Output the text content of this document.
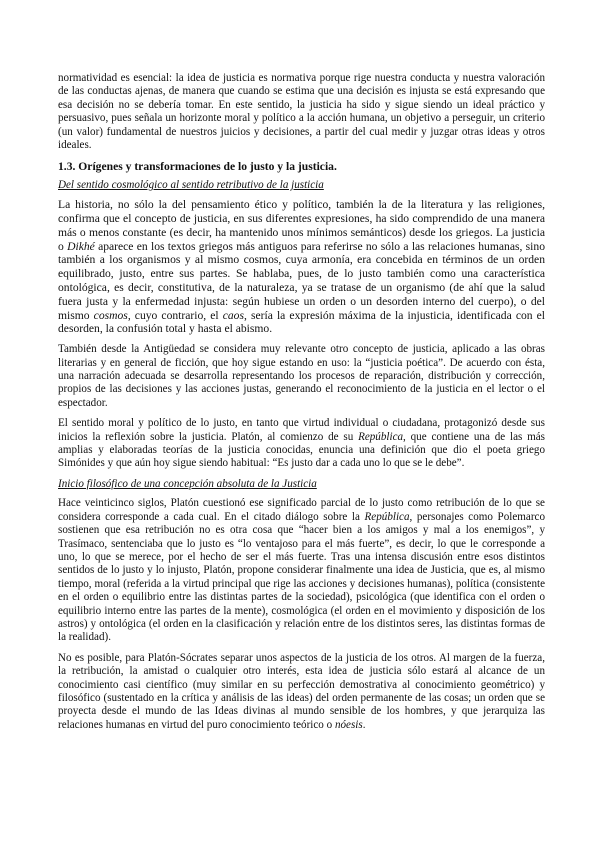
normatividad es esencial: la idea de justicia es normativa porque rige nuestra conducta y nuestra valoración de las conductas ajenas, de manera que cuando se estima que una decisión es injusta se está expresando que esa decisión no se debería tomar. En este sentido, la justicia ha sido y sigue siendo un ideal práctico y persuasivo, pues señala un horizonte moral y político a la acción humana, un objetivo a perseguir, un criterio (un valor) fundamental de nuestros juicios y decisiones, a partir del cual medir y juzgar otras ideas y otros ideales.

1.3. Orígenes y transformaciones de lo justo y la justicia.
Del sentido cosmológico al sentido retributivo de la justicia

La historia, no sólo la del pensamiento ético y político, también la de la literatura y las religiones, confirma que el concepto de justicia, en sus diferentes expresiones, ha sido comprendido de una manera más o menos constante (es decir, ha mantenido unos mínimos semánticos) desde los griegos. La justicia o Dikhé aparece en los textos griegos más antiguos para referirse no sólo a las relaciones humanas, sino también a los organismos y al mismo cosmos, cuya armonía, era concebida en términos de un orden equilibrado, justo, entre sus partes. Se hablaba, pues, de lo justo también como una característica ontológica, es decir, constitutiva, de la naturaleza, ya se tratase de un organismo (de ahí que la salud fuera justa y la enfermedad injusta: según hubiese un orden o un desorden interno del cuerpo), o del mismo cosmos, cuyo contrario, el caos, sería la expresión máxima de la injusticia, identificada con el desorden, la confusión total y hasta el abismo.

También desde la Antigüedad se considera muy relevante otro concepto de justicia, aplicado a las obras literarias y en general de ficción, que hoy sigue estando en uso: la “justicia poética”. De acuerdo con ésta, una narración adecuada se desarrolla representando los procesos de reparación, distribución y corrección, propios de las decisiones y las acciones justas, generando el reconocimiento de la justicia en el lector o el espectador.

El sentido moral y político de lo justo, en tanto que virtud individual o ciudadana, protagonizó desde sus inicios la reflexión sobre la justicia. Platón, al comienzo de su República, que contiene una de las más amplias y elaboradas teorías de la justicia conocidas, enuncia una definición que dio el poeta griego Simónides y que aún hoy sigue siendo habitual: “Es justo dar a cada uno lo que se le debe”.

Inicio filosófico de una concepción absoluta de la Justicia

Hace veinticinco siglos, Platón cuestionó ese significado parcial de lo justo como retribución de lo que se considera corresponde a cada cual. En el citado diálogo sobre la República, personajes como Polemarco sostienen que esa retribución no es otra cosa que “hacer bien a los amigos y mal a los enemigos”, y Trasímaco, sentenciaba que lo justo es “lo ventajoso para el más fuerte”, es decir, lo que le corresponde a uno, lo que se merece, por el hecho de ser el más fuerte. Tras una intensa discusión entre esos distintos sentidos de lo justo y lo injusto, Platón, propone considerar finalmente una idea de Justicia, que es, al mismo tiempo, moral (referida a la virtud principal que rige las acciones y decisiones humanas), política (consistente en el orden o equilibrio entre las distintas partes de la sociedad), psicológica (que identifica con el orden o equilibrio interno entre las partes de la mente), cosmológica (el orden en el movimiento y disposición de los astros) y ontológica (el orden en la clasificación y relación entre de los distintos seres, las distintas formas de la realidad).

No es posible, para Platón-Sócrates separar unos aspectos de la justicia de los otros. Al margen de la fuerza, la retribución, la amistad o cualquier otro interés, esta idea de justicia sólo estará al alcance de un conocimiento casi científico (muy similar en su perfección demostrativa al conocimiento geométrico) y filosófico (sustentado en la crítica y análisis de las ideas) del orden permanente de las cosas; un orden que se proyecta desde el mundo de las Ideas divinas al mundo sensible de los hombres, y que jerarquiza las relaciones humanas en virtud del puro conocimiento teórico o nóesis.
